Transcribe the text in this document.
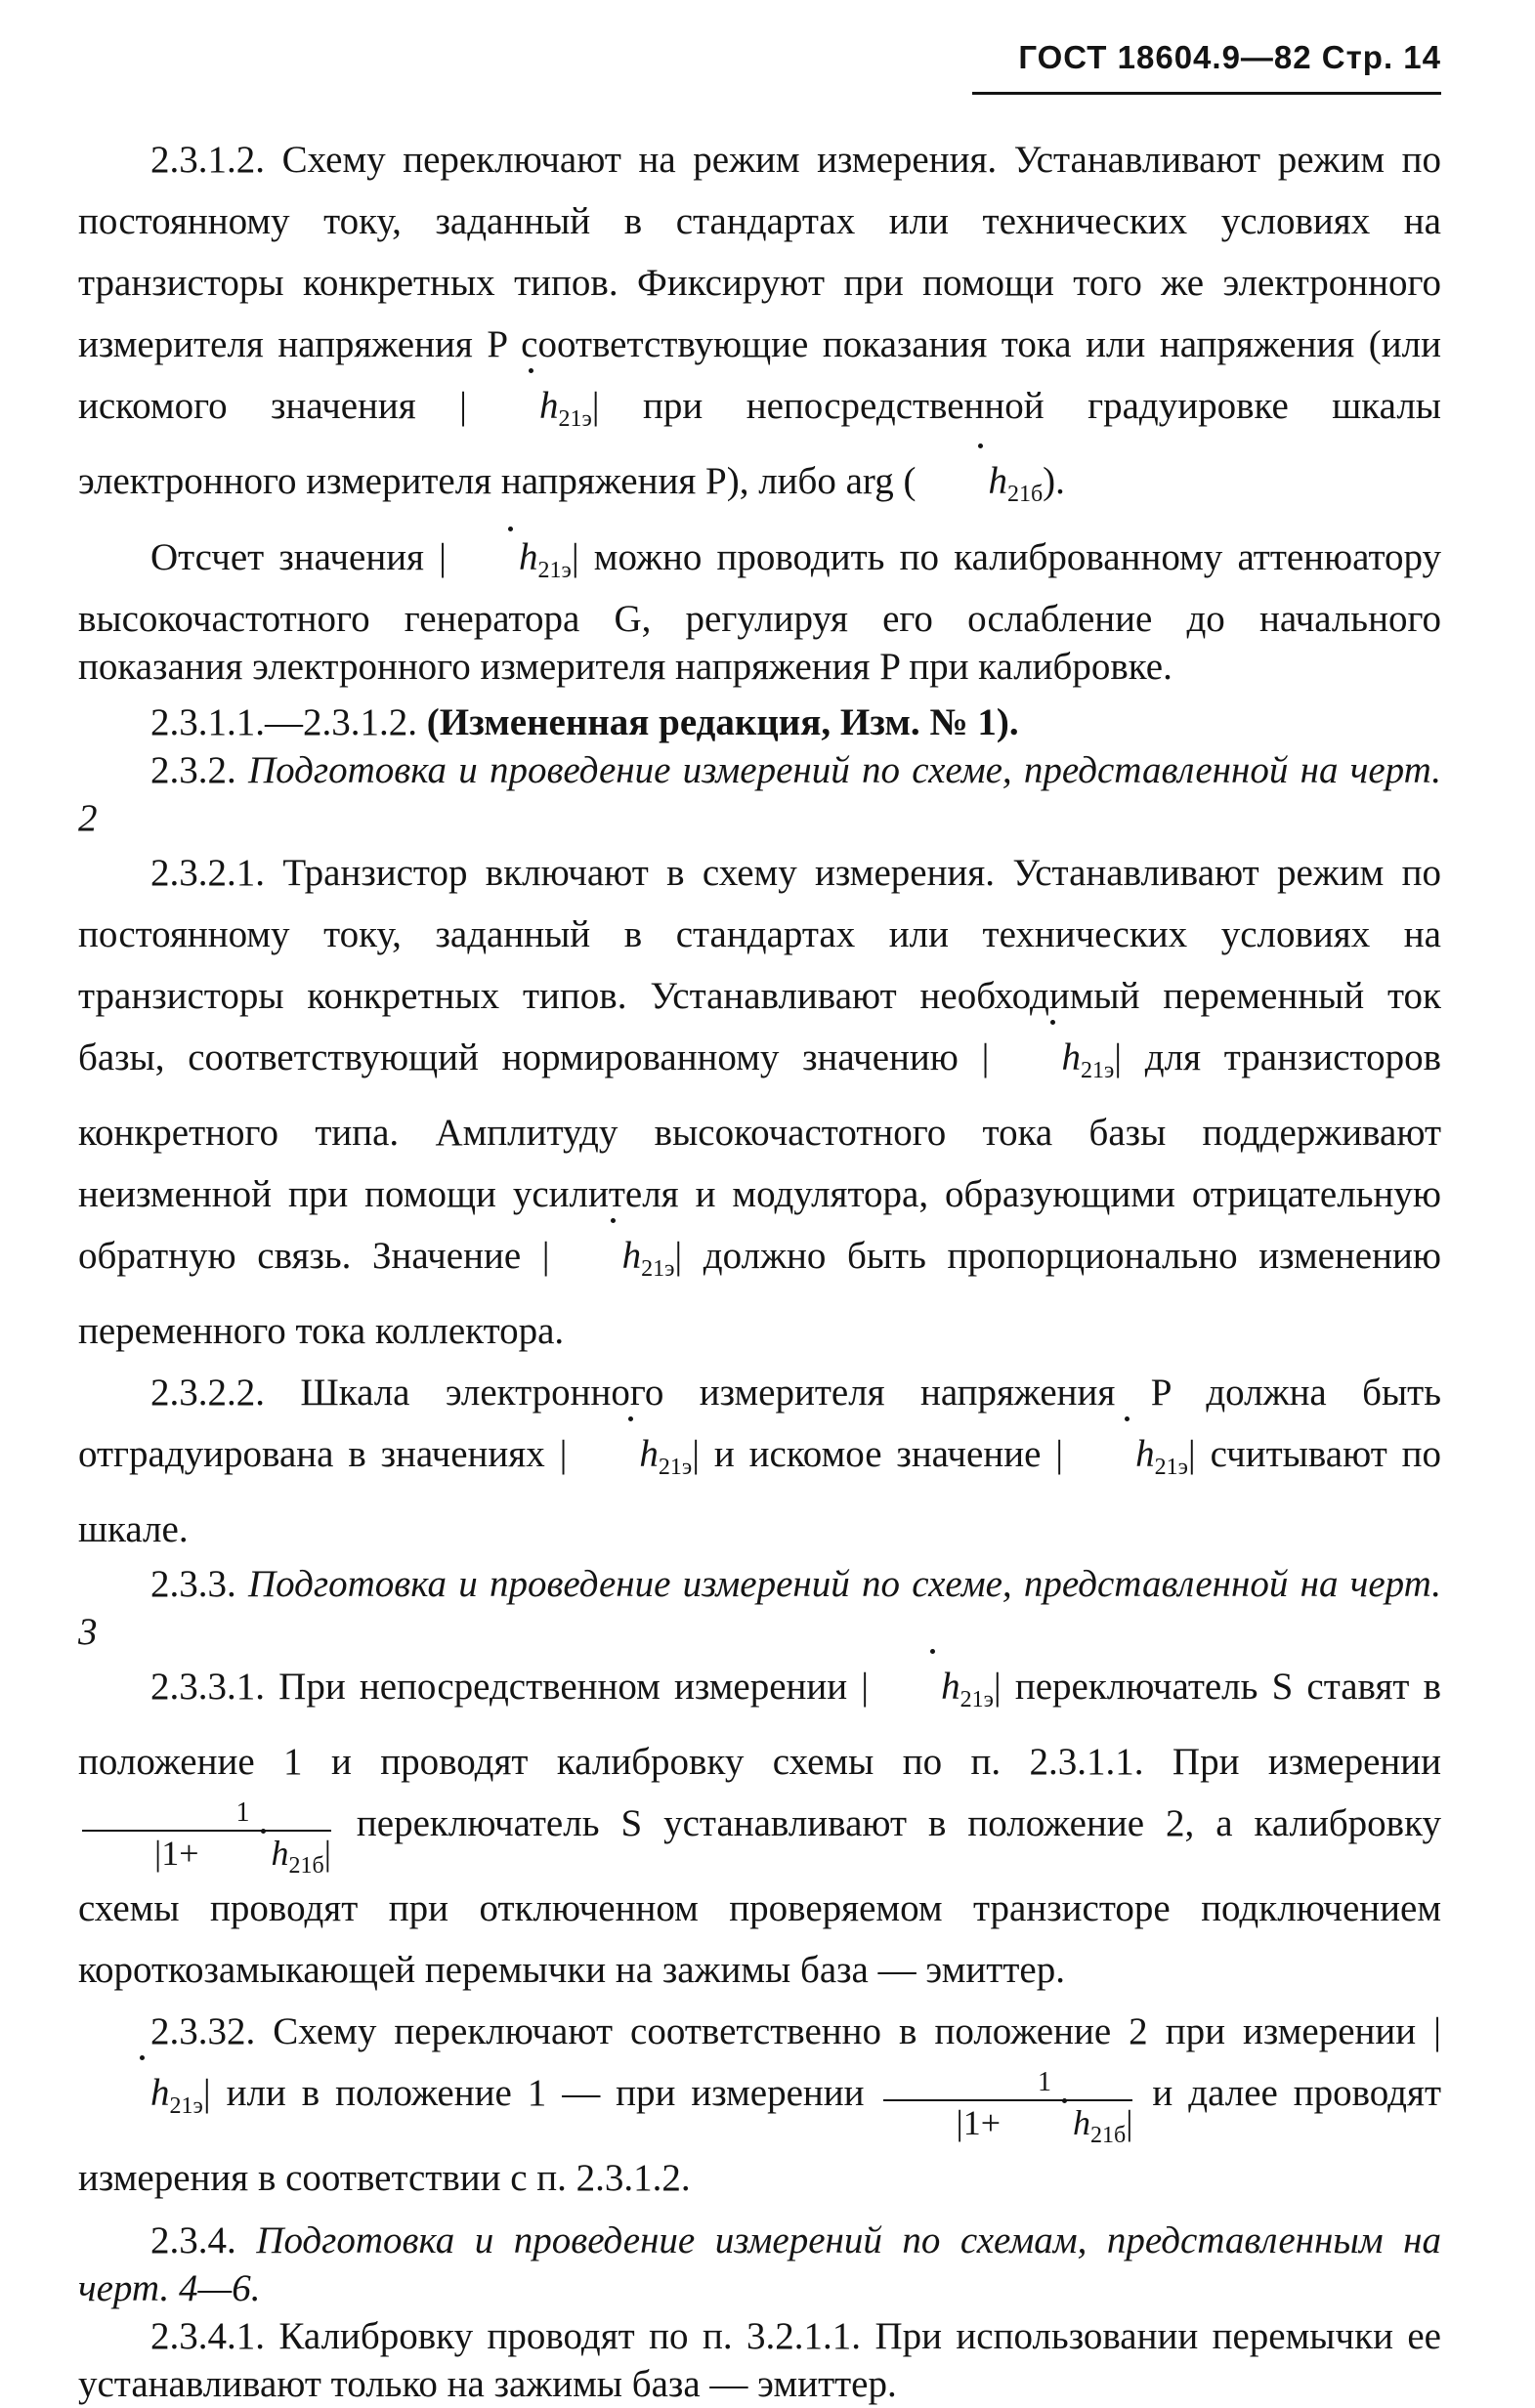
ГОСТ 18604.9—82 Стр. 14

2.3.1.2. Схему переключают на режим измерения. Устанавливают режим по постоянному току, заданный в стандартах или технических условиях на транзисторы конкретных типов. Фиксируют при помощи того же электронного измерителя напряжения P соответствующие показания тока или напряжения (или искомого значения | $h_{21э}|$ при непосредственной градуировке шкалы электронного измерителя напряжения P), либо arg ( $h_{21б}$).

Отсчет значения | $h_{21э}|$ можно проводить по калиброванному аттенюатору высокочастотного генератора G, регулируя его ослабление до начального показания электронного измерителя напряжения P при калибровке.

2.3.1.1.—2.3.1.2. (Измененная редакция, Изм. № 1).

2.3.2. Подготовка и проведение измерений по схеме, представленной на черт. 2

2.3.2.1. Транзистор включают в схему измерения. Устанавливают режим по постоянному току, заданный в стандартах или технических условиях на транзисторы конкретных типов. Устанавливают необходимый переменный ток базы, соответствующий нормированному значению | $h_{21э}|$ для транзисторов конкретного типа. Амплитуду высокочастотного тока базы поддерживают неизменной при помощи усилителя и модулятора, образующими отрицательную обратную связь. Значение | $h_{21э}|$ должно быть пропорционально изменению переменного тока коллектора.

2.3.2.2. Шкала электронного измерителя напряжения P должна быть отградуирована в значениях | $h_{21э}|$ и искомое значение | $h_{21э}|$ считывают по шкале.

2.3.3. Подготовка и проведение измерений по схеме, представленной на черт. 3

2.3.3.1. При непосредственном измерении | $h_{21э}|$ переключатель S ставят в положение 1 и проводят калибровку схемы по п. 2.3.1.1. При измерении
$\frac{1}{|1+ h_{21б}|}$ переключатель S устанавливают в положение 2, а калибровку схемы проводят при отключенном проверяемом транзисторе подключением короткозамыкающей перемычки на зажимы база — эмиттер.

2.3.32. Схему переключают соответственно в положение 2 при измерении $|h_{21э}|$ или в положение 1 — при измерении $\frac{1}{|1+ h_{21б}|}$ и далее проводят измерения в соответствии с п. 2.3.1.2.

2.3.4. Подготовка и проведение измерений по схемам, представленным на черт. 4—6.

2.3.4.1. Калибровку проводят по п. 3.2.1.1. При использовании перемычки ее устанавливают только на зажимы база — эмиттер.
